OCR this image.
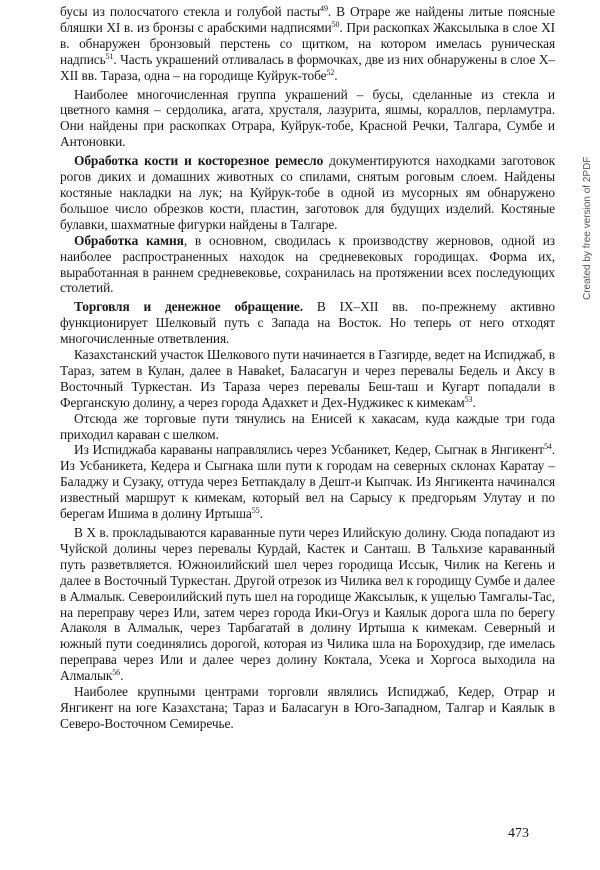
бусы из полосчатого стекла и голубой пасты$^{49}$. В Отраре же найдены литые поясные бляшки XI в. из бронзы с арабскими надписями$^{50}$. При раскопках Жаксылыка в слое XI в. обнаружен бронзовый перстень со щитком, на котором имелась руническая надпись$^{51}$. Часть украшений отливалась в формочках, две из них обнаружены в слое X–XII вв. Тараза, одна – на городище Куйрук-тобе$^{52}$.

Наиболее многочисленная группа украшений – бусы, сделанные из стекла и цветного камня – сердолика, агата, хрусталя, лазурита, яшмы, кораллов, перламутра. Они найдены при раскопках Отрара, Куйрук-тобе, Красной Речки, Талгара, Сумбе и Антоновки.

Обработка кости и косторезное ремесло документируются находками заготовок рогов диких и домашних животных со спилами, снятым роговым слоем. Найдены костяные накладки на лук; на Куйрук-тобе в одной из мусорных ям обнаружено большое число обрезков кости, пластин, заготовок для будущих изделий. Костяные булавки, шахматные фигурки найдены в Талгаре.

Обработка камня, в основном, сводилась к производству жерновов, одной из наиболее распространенных находок на средневековых городищах. Форма их, выработанная в раннем средневековье, сохранилась на протяжении всех последующих столетий.

Торговля и денежное обращение. В IX–XII вв. по-прежнему активно функционирует Шелковый путь с Запада на Восток. Но теперь от него отходят многочисленные ответвления.

Казахстанский участок Шелкового пути начинается в Газгирде, ведет на Испиджаб, в Тараз, затем в Кулан, далее в Наваket, Баласагун и через перевалы Бедель и Аксу в Восточный Туркестан. Из Тараза через перевалы Беш-таш и Кугарт попадали в Ферганскую долину, а через города Адахкет и Дех-Нуджикес к кимекам$^{53}$.

Отсюда же торговые пути тянулись на Енисей к хакасам, куда каждые три года приходил караван с шелком.

Из Испиджаба караваны направлялись через Усбаникет, Кедер, Сыгнак в Янгикент$^{54}$. Из Усбаникета, Кедера и Сыгнака шли пути к городам на северных склонах Каратау – Баладжу и Сузаку, оттуда через Бетпакдалу в Дешт-и Кыпчак. Из Янгикента начинался известный маршрут к кимекам, который вел на Сарысу к предгорьям Улутау и по берегам Ишима в долину Иртыша$^{55}$.

В X в. прокладываются караванные пути через Илийскую долину. Сюда попадают из Чуйской долины через перевалы Курдай, Кастек и Санташ. В Тальхизе караванный путь разветвляется. Южноилийский шел через городища Иссык, Чилик на Кегень и далее в Восточный Туркестан. Другой отрезок из Чилика вел к городищу Сумбе и далее в Алмалык. Североилийский путь шел на городище Жаксылык, к ущелью Тамгалы-Тас, на переправу через Или, затем через города Ики-Огуз и Каялык дорога шла по берегу Алаколя в Алмалык, через Тарбагатай в долину Иртыша к кимекам. Северный и южный пути соединялись дорогой, которая из Чилика шла на Борохудзир, где имелась переправа через Или и далее через долину Коктала, Усека и Хоргоса выходила на Алмалык$^{56}$.

Наиболее крупными центрами торговли являлись Испиджаб, Кедер, Отрар и Янгикент на юге Казахстана; Тараз и Баласагун в Юго-Западном, Талгар и Каялык в Северо-Восточном Семиречье.

Created by free version of 2PDF
473
